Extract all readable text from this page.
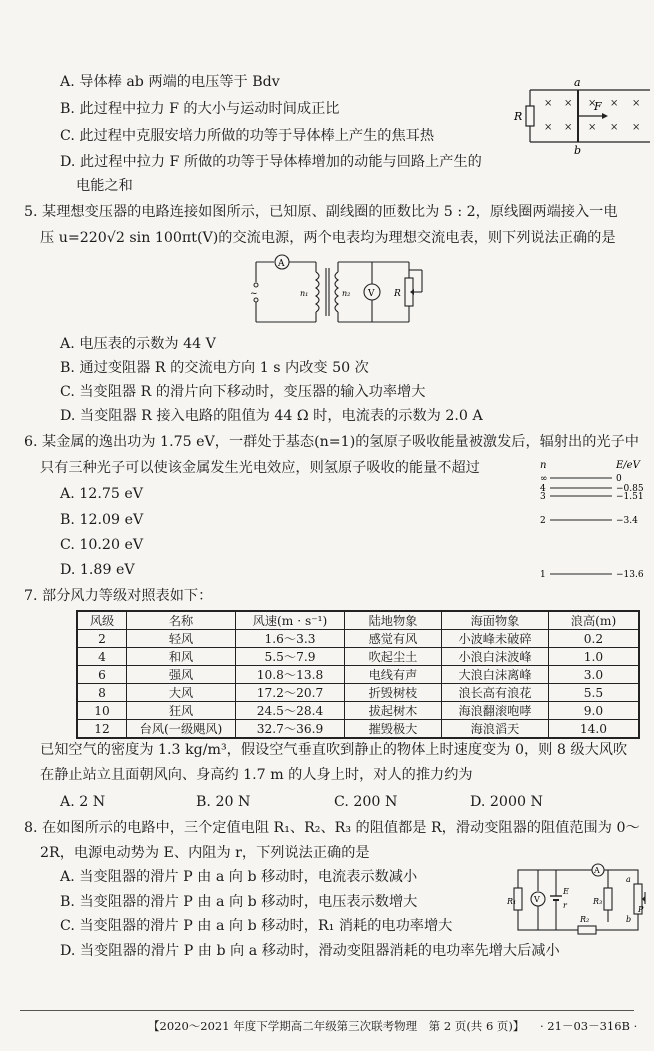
A. 导体棒 ab 两端的电压等于 Bdv
B. 此过程中拉力 F 的大小与运动时间成正比
C. 此过程中克服安培力所做的功等于导体棒上产生的焦耳热
D. 此过程中拉力 F 所做的功等于导体棒增加的动能与回路上产生的
电能之和
a
b
R
F
× × × × ×
× × × × ×
5. 某理想变压器的电路连接如图所示，已知原、副线圈的匝数比为 5 : 2，原线圈两端接入一电
压 u=220√2 sin 100πt(V)的交流电源，两个电表均为理想交流电表，则下列说法正确的是
A
~	n₁	n₂ V R
A. 电压表的示数为 44 V
B. 通过变阻器 R 的交流电方向 1 s 内改变 50 次
C. 当变阻器 R 的滑片向下移动时，变压器的输入功率增大
D. 当变阻器 R 接入电路的阻值为 44 Ω 时，电流表的示数为 2.0 A
6. 某金属的逸出功为 1.75 eV，一群处于基态(n=1)的氢原子吸收能量被激发后，辐射出的光子中
只有三种光子可以使该金属发生光电效应，则氢原子吸收的能量不超过
A. 12.75 eV
B. 12.09 eV
C. 10.20 eV
D. 1.89 eV
n	E/eV
∞	0
4	−0.85
3	−1.51
2	−3.4
1	−13.6
7. 部分风力等级对照表如下：
风级	名称	风速(m · s⁻¹)	陆地物象	海面物象	浪高(m)
2	轻风	1.6～3.3	感觉有风	小波峰未破碎	0.2
4	和风	5.5～7.9	吹起尘土	小浪白沫波峰	1.0
6	强风	10.8～13.8	电线有声	大浪白沫离峰	3.0
8	大风	17.2～20.7	折毁树枝	浪长高有浪花	5.5
10	狂风	24.5～28.4	拔起树木	海浪翻滚咆哮	9.0
12	台风(一级飓风)	32.7～36.9	摧毁极大	海浪滔天	14.0
已知空气的密度为 1.3 kg/m³，假设空气垂直吹到静止的物体上时速度变为 0，则 8 级大风吹
在静止站立且面朝风向、身高约 1.7 m 的人身上时，对人的推力约为
A. 2 N	B. 20 N	C. 200 N	D. 2000 N
8. 在如图所示的电路中，三个定值电阻 R₁、R₂、R₃ 的阻值都是 R，滑动变阻器的阻值范围为 0～
2R，电源电动势为 E、内阻为 r，下列说法正确的是
A. 当变阻器的滑片 P 由 a 向 b 移动时，电流表示数减小
B. 当变阻器的滑片 P 由 a 向 b 移动时，电压表示数增大
C. 当变阻器的滑片 P 由 a 向 b 移动时，R₁ 消耗的电功率增大
D. 当变阻器的滑片 P 由 b 向 a 移动时，滑动变阻器消耗的电功率先增大后减小
R₁ V
E
r
A
R₃
R₂
a
b
P
【2020～2021 年度下学期高二年级第三次联考物理　第 2 页(共 6 页)】 · 21－03－316B ·
